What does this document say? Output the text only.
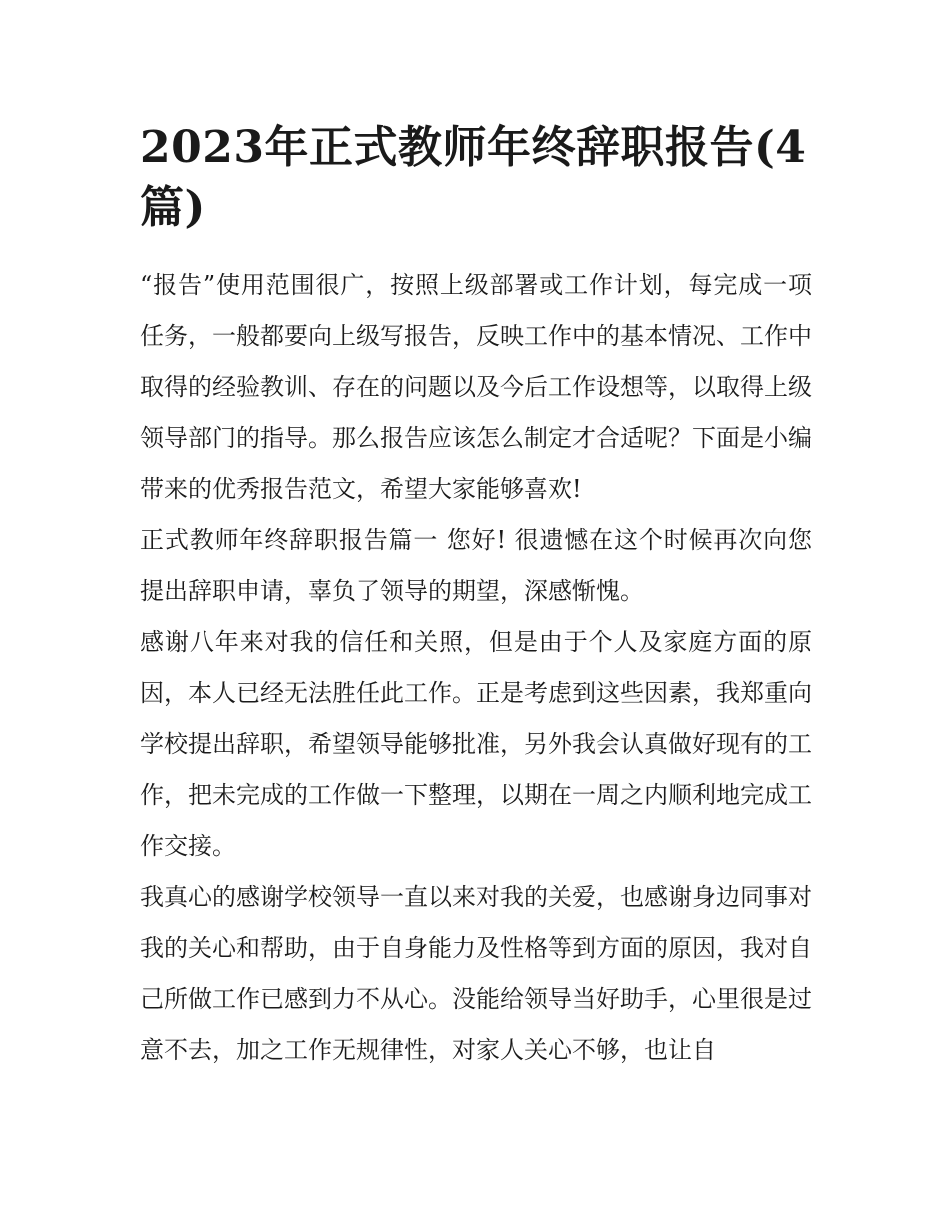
2023年正式教师年终辞职报告(4篇)

“报告”使用范围很广，按照上级部署或工作计划，每完成一项任务，一般都要向上级写报告，反映工作中的基本情况、工作中取得的经验教训、存在的问题以及今后工作设想等，以取得上级领导部门的指导。那么报告应该怎么制定才合适呢？下面是小编带来的优秀报告范文，希望大家能够喜欢!

正式教师年终辞职报告篇一 您好! 很遗憾在这个时候再次向您提出辞职申请，辜负了领导的期望，深感惭愧。

感谢八年来对我的信任和关照，但是由于个人及家庭方面的原因，本人已经无法胜任此工作。正是考虑到这些因素，我郑重向学校提出辞职，希望领导能够批准，另外我会认真做好现有的工作，把未完成的工作做一下整理，以期在一周之内顺利地完成工作交接。

我真心的感谢学校领导一直以来对我的关爱，也感谢身边同事对我的关心和帮助，由于自身能力及性格等到方面的原因，我对自己所做工作已感到力不从心。没能给领导当好助手，心里很是过意不去，加之工作无规律性，对家人关心不够，也让自
